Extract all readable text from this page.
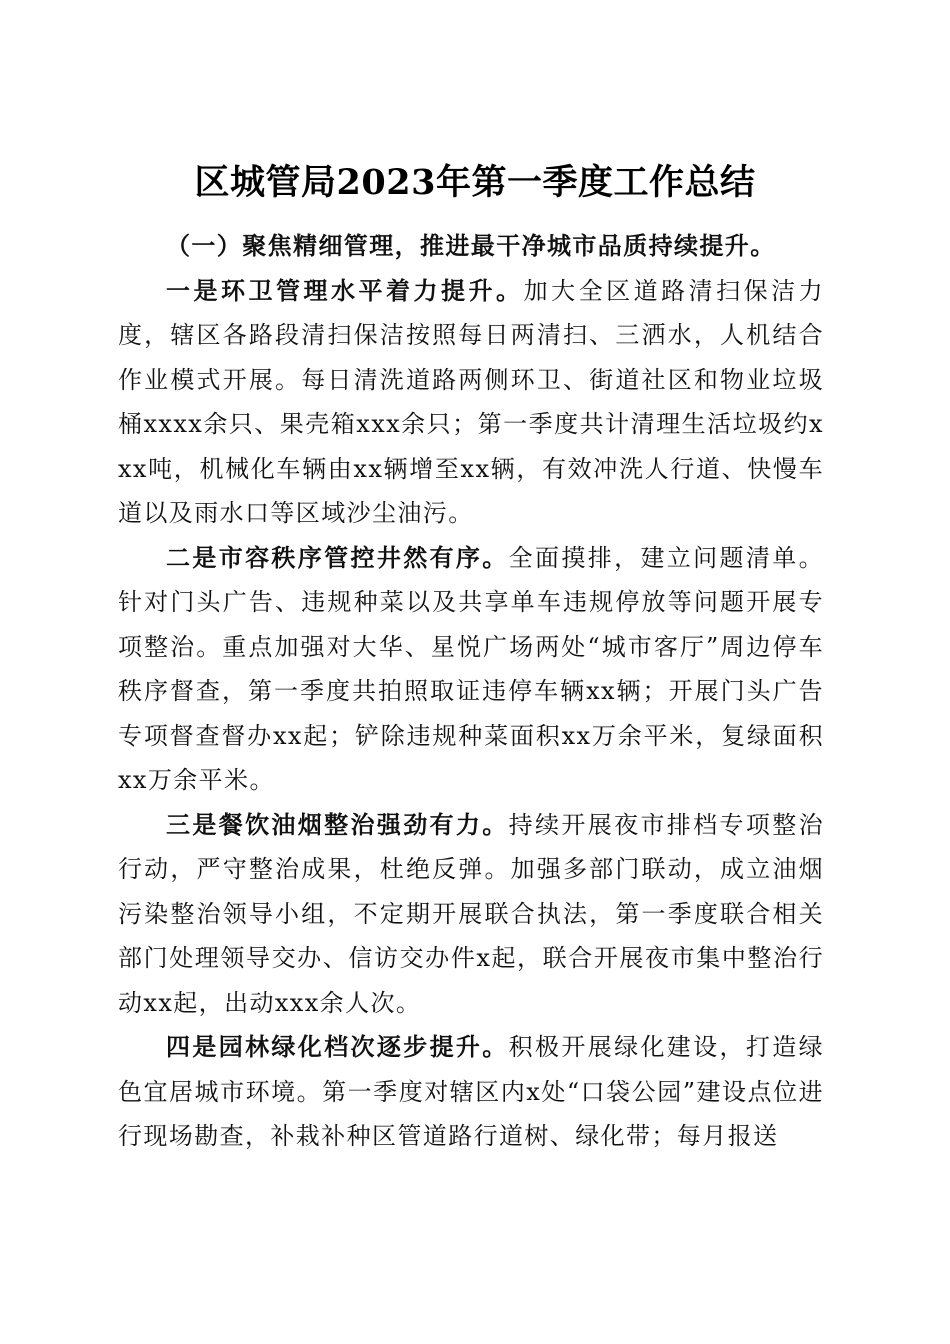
区城管局2023年第一季度工作总结

（一）聚焦精细管理，推进最干净城市品质持续提升。

一是环卫管理水平着力提升。加大全区道路清扫保洁力度，辖区各路段清扫保洁按照每日两清扫、三洒水，人机结合作业模式开展。每日清洗道路两侧环卫、街道社区和物业垃圾桶xxxx余只、果壳箱xxx余只；第一季度共计清理生活垃圾约xxx吨，机械化车辆由xx辆增至xx辆，有效冲洗人行道、快慢车道以及雨水口等区域沙尘油污。

二是市容秩序管控井然有序。全面摸排，建立问题清单。针对门头广告、违规种菜以及共享单车违规停放等问题开展专项整治。重点加强对大华、星悦广场两处“城市客厅”周边停车秩序督查，第一季度共拍照取证违停车辆xx辆；开展门头广告专项督查督办xx起；铲除违规种菜面积xx万余平米，复绿面积xx万余平米。

三是餐饮油烟整治强劲有力。持续开展夜市排档专项整治行动，严守整治成果，杜绝反弹。加强多部门联动，成立油烟污染整治领导小组，不定期开展联合执法，第一季度联合相关部门处理领导交办、信访交办件x起，联合开展夜市集中整治行动xx起，出动xxx余人次。

四是园林绿化档次逐步提升。积极开展绿化建设，打造绿色宜居城市环境。第一季度对辖区内x处“口袋公园”建设点位进行现场勘查，补栽补种区管道路行道树、绿化带；每月报送
